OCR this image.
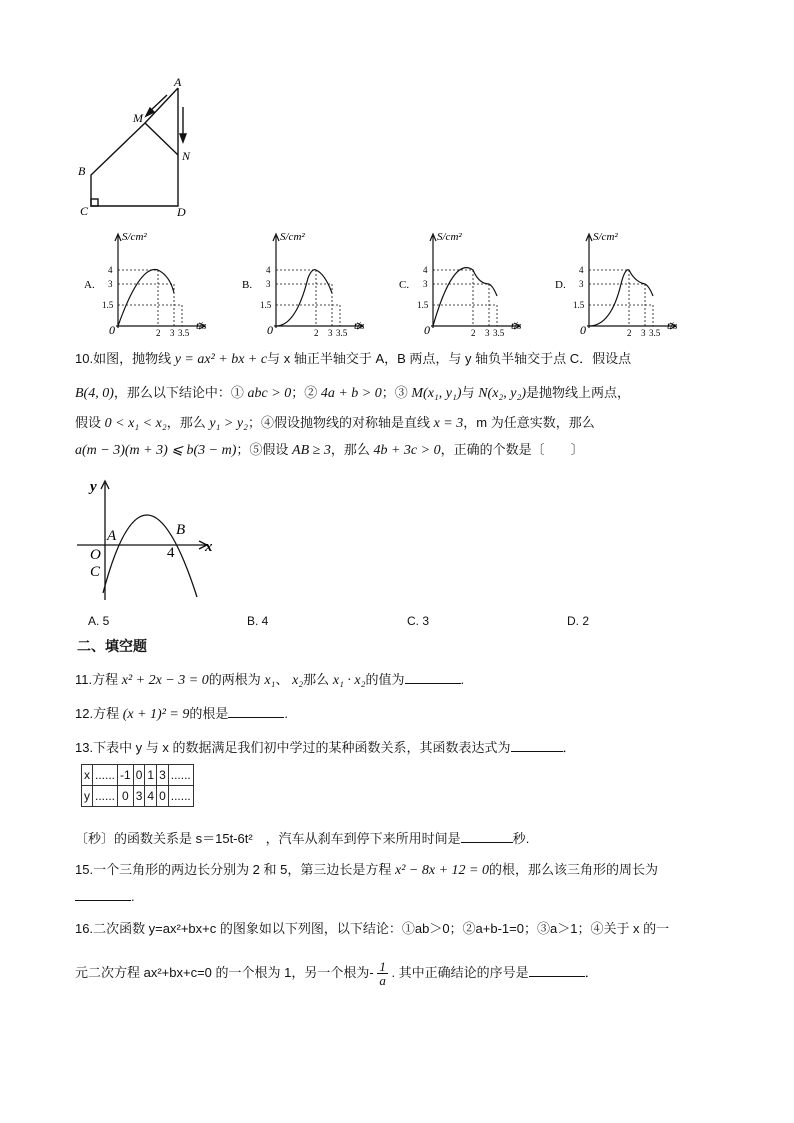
A
M
N
B
C	D
A.
S/cm²
t/s
4
3
1.5
2 3 3.5
0
B.
S/cm²
t/s
4
3
1.5
2 3 3.5
0
C.
S/cm²
t/s
4
3
1.5
2 3 3.5
0
D.
S/cm²
t/s
4
3
1.5
2 3 3.5
0
10.如图，抛物线 y = ax² + bx + c与 x 轴正半轴交于 A，B 两点，与 y 轴负半轴交于点 C．假设点
B(4, 0)，那么以下结论中：① abc > 0；② 4a + b > 0；③ M(x₁, y₁)与 N(x₂, y₂)是抛物线上两点，
假设 0 < x₁ < x₂，那么 y₁ > y₂；④假设抛物线的对称轴是直线 x = 3，m 为任意实数，那么
a(m − 3)(m + 3) ⩽ b(3 − m)；⑤假设 AB ≥ 3，那么 4b + 3c > 0，正确的个数是〔　　〕
y
x
A	B
O
C
4
A. 5	B. 4	C. 3	D. 2
二、填空题
11.方程 x² + 2x − 3 = 0的两根为 x₁、 x₂那么 x₁ · x₂的值为	.
12.方程 (x + 1)² = 9的根是	.
13.下表中 y 与 x 的数据满足我们初中学过的某种函数关系，其函数表达式为	．
x	......	-1	0	1	3	......
y	......	0	3	4	0	......
〔秒〕的函数关系是 s＝15t-6t²　，汽车从刹车到停下来所用时间是	秒.
15.一个三角形的两边长分别为 2 和 5，第三边长是方程 x² − 8x + 12 = 0的根，那么该三角形的周长为
.
16.二次函数 y=ax²+bx+c 的图象如以下列图，以下结论：①ab＞0；②a+b-1=0；③a＞1；④关于 x 的一
元二次方程 ax²+bx+c=0 的一个根为 1，另一个根为- $\frac{1}{a}$ . 其中正确结论的序号是	．
